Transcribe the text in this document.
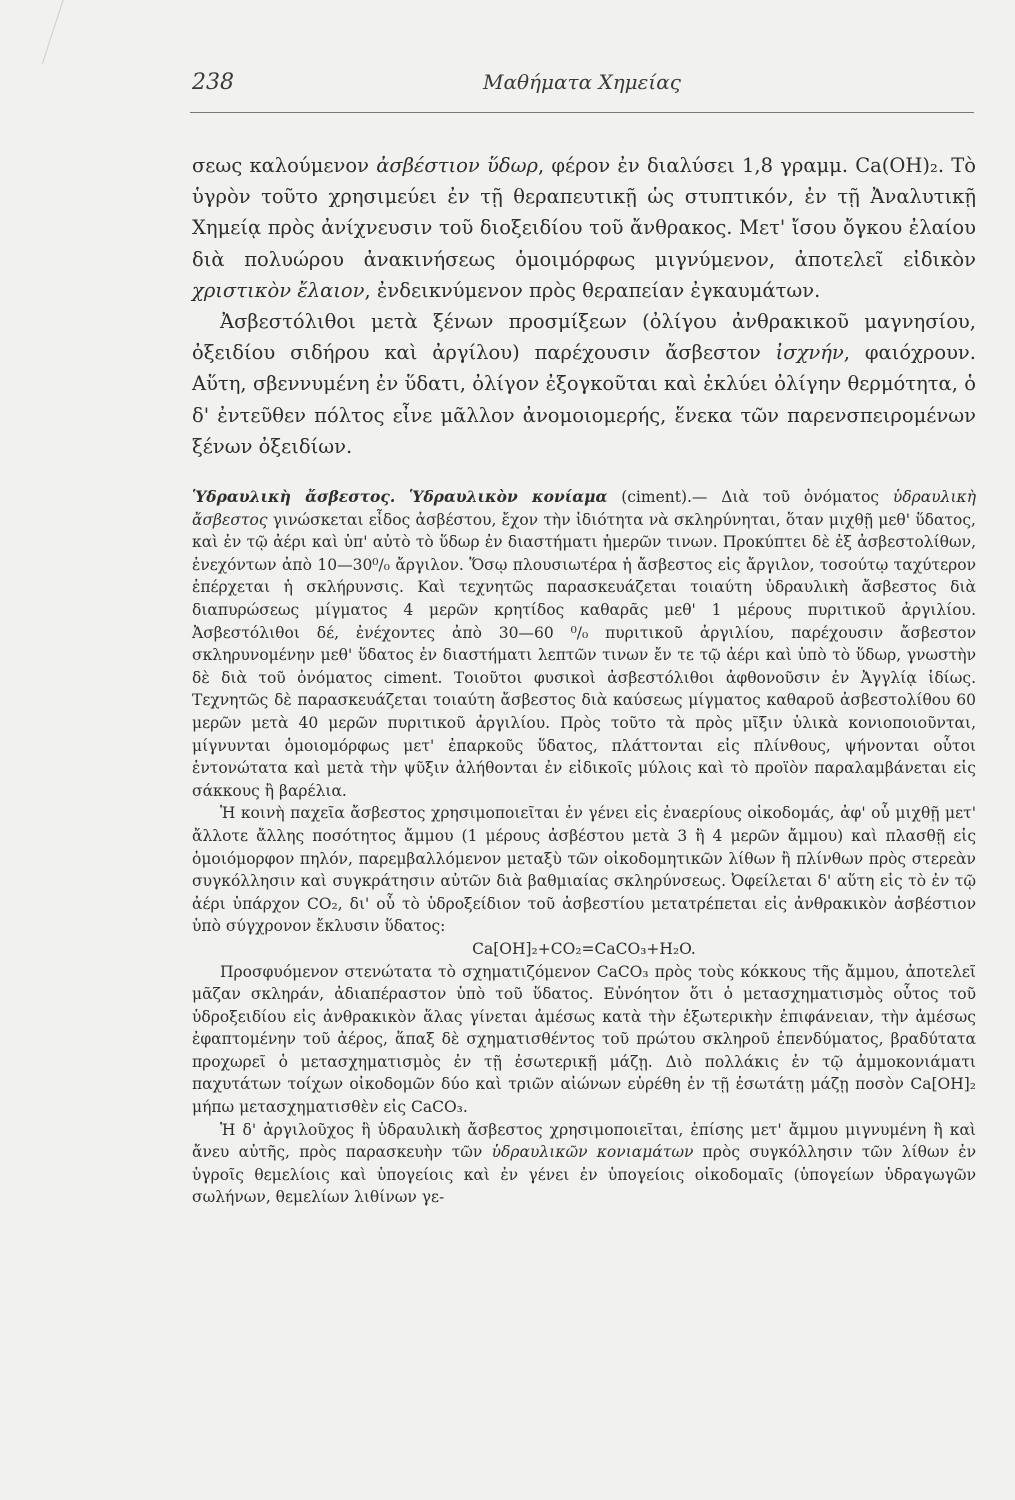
238	Μαθήματα Χημείας

σεως καλούμενον ἀσβέστιον ὕδωρ, φέρον ἐν διαλύσει 1,8 γραμμ. Ca(OH)₂. Τὸ ὑγρὸν τοῦτο χρησιμεύει ἐν τῇ θεραπευτικῇ ὡς στυπτικόν, ἐν τῇ Ἀναλυτικῇ Χημείᾳ πρὸς ἀνίχνευσιν τοῦ διοξειδίου τοῦ ἄνθρακος. Μετ' ἴσου ὄγκου ἐλαίου διὰ πολυώρου ἀνακινήσεως ὁμοιμόρφως μιγνύμενον, ἀποτελεῖ εἰδικὸν χριστικὸν ἔλαιον, ἐνδεικνύμενον πρὸς θεραπείαν ἐγκαυμάτων.

Ἀσβεστόλιθοι μετὰ ξένων προσμίξεων (ὀλίγου ἀνθρακικοῦ μαγνησίου, ὀξειδίου σιδήρου καὶ ἀργίλου) παρέχουσιν ἄσβεστον ἰσχνήν, φαιόχρουν. Αὕτη, σβεννυμένη ἐν ὕδατι, ὀλίγον ἐξογκοῦται καὶ ἐκλύει ὀλίγην θερμότητα, ὁ δ' ἐντεῦθεν πόλτος εἶνε μᾶλλον ἀνομοιομερής, ἕνεκα τῶν παρενσπειρομένων ξένων ὀξειδίων.

Ὑδραυλικὴ ἄσβεστος. Ὑδραυλικὸν κονίαμα (ciment).— Διὰ τοῦ ὀνόματος ὑδραυλικὴ ἄσβεστος γινώσκεται εἶδος ἀσβέστου, ἔχον τὴν ἰδιότητα νὰ σκληρύνηται, ὅταν μιχθῇ μεθ' ὕδατος, καὶ ἐν τῷ ἀέρι καὶ ὑπ' αὐτὸ τὸ ὕδωρ ἐν διαστήματι ἡμερῶν τινων. Προκύπτει δὲ ἐξ ἀσβεστολίθων, ἐνεχόντων ἀπὸ 10—30⁰/₀ ἄργιλον. Ὅσῳ πλουσιωτέρα ἡ ἄσβεστος εἰς ἄργιλον, τοσούτῳ ταχύτερον ἐπέρχεται ἡ σκλήρυνσις. Καὶ τεχνητῶς παρασκευάζεται τοιαύτη ὑδραυλικὴ ἄσβεστος διὰ διαπυρώσεως μίγματος 4 μερῶν κρητίδος καθαρᾶς μεθ' 1 μέρους πυριτικοῦ ἀργιλίου. Ἀσβεστόλιθοι δέ, ἐνέχοντες ἀπὸ 30—60 ⁰/₀ πυριτικοῦ ἀργιλίου, παρέχουσιν ἄσβεστον σκληρυνομένην μεθ' ὕδατος ἐν διαστήματι λεπτῶν τινων ἔν τε τῷ ἀέρι καὶ ὑπὸ τὸ ὕδωρ, γνωστὴν δὲ διὰ τοῦ ὀνόματος ciment. Τοιοῦτοι φυσικοὶ ἀσβεστόλιθοι ἀφθονοῦσιν ἐν Ἀγγλίᾳ ἰδίως. Τεχνητῶς δὲ παρασκευάζεται τοιαύτη ἄσβεστος διὰ καύσεως μίγματος καθαροῦ ἀσβεστολίθου 60 μερῶν μετὰ 40 μερῶν πυριτικοῦ ἀργιλίου. Πρὸς τοῦτο τὰ πρὸς μῖξιν ὑλικὰ κονιοποιοῦνται, μίγνυνται ὁμοιομόρφως μετ' ἐπαρκοῦς ὕδατος, πλάττονται εἰς πλίνθους, ψήνονται οὗτοι ἐντονώτατα καὶ μετὰ τὴν ψῦξιν ἀλήθονται ἐν εἰδικοῖς μύλοις καὶ τὸ προϊὸν παραλαμβάνεται εἰς σάκκους ἢ βαρέλια.

Ἡ κοινὴ παχεῖα ἄσβεστος χρησιμοποιεῖται ἐν γένει εἰς ἐναερίους οἰκοδομάς, ἀφ' οὗ μιχθῇ μετ' ἄλλοτε ἄλλης ποσότητος ἄμμου (1 μέρους ἀσβέστου μετὰ 3 ἢ 4 μερῶν ἄμμου) καὶ πλασθῇ εἰς ὁμοιόμορφον πηλόν, παρεμβαλλόμενον μεταξὺ τῶν οἰκοδομητικῶν λίθων ἢ πλίνθων πρὸς στερεὰν συγκόλλησιν καὶ συγκράτησιν αὐτῶν διὰ βαθμιαίας σκληρύνσεως. Ὀφείλεται δ' αὕτη εἰς τὸ ἐν τῷ ἀέρι ὑπάρχον CO₂, δι' οὗ τὸ ὑδροξείδιον τοῦ ἀσβεστίου μετατρέπεται εἰς ἀνθρακικὸν ἀσβέστιον ὑπὸ σύγχρονον ἔκλυσιν ὕδατος:

Ca[OH]₂+CO₂=CaCO₃+H₂O.

Προσφυόμενον στενώτατα τὸ σχηματιζόμενον CaCO₃ πρὸς τοὺς κόκκους τῆς ἄμμου, ἀποτελεῖ μᾶζαν σκληράν, ἀδιαπέραστον ὑπὸ τοῦ ὕδατος. Εὐνόητον ὅτι ὁ μετασχηματισμὸς οὗτος τοῦ ὑδροξειδίου εἰς ἀνθρακικὸν ἅλας γίνεται ἀμέσως κατὰ τὴν ἐξωτερικὴν ἐπιφάνειαν, τὴν ἀμέσως ἐφαπτομένην τοῦ ἀέρος, ἅπαξ δὲ σχηματισθέντος τοῦ πρώτου σκληροῦ ἐπενδύματος, βραδύτατα προχωρεῖ ὁ μετασχηματισμὸς ἐν τῇ ἐσωτερικῇ μάζῃ. Διὸ πολλάκις ἐν τῷ ἀμμοκονιάματι παχυτάτων τοίχων οἰκοδομῶν δύο καὶ τριῶν αἰώνων εὑρέθη ἐν τῇ ἐσωτάτῃ μάζῃ ποσὸν Ca[OH]₂ μήπω μετασχηματισθὲν εἰς CaCO₃.

Ἡ δ' ἀργιλοῦχος ἢ ὑδραυλικὴ ἄσβεστος χρησιμοποιεῖται, ἐπίσης μετ' ἄμμου μιγνυμένη ἢ καὶ ἄνευ αὐτῆς, πρὸς παρασκευὴν τῶν ὑδραυλικῶν κονιαμάτων πρὸς συγκόλλησιν τῶν λίθων ἐν ὑγροῖς θεμελίοις καὶ ὑπογείοις καὶ ἐν γένει ἐν ὑπογείοις οἰκοδομαῖς (ὑπογείων ὑδραγωγῶν σωλήνων, θεμελίων λιθίνων γε-
